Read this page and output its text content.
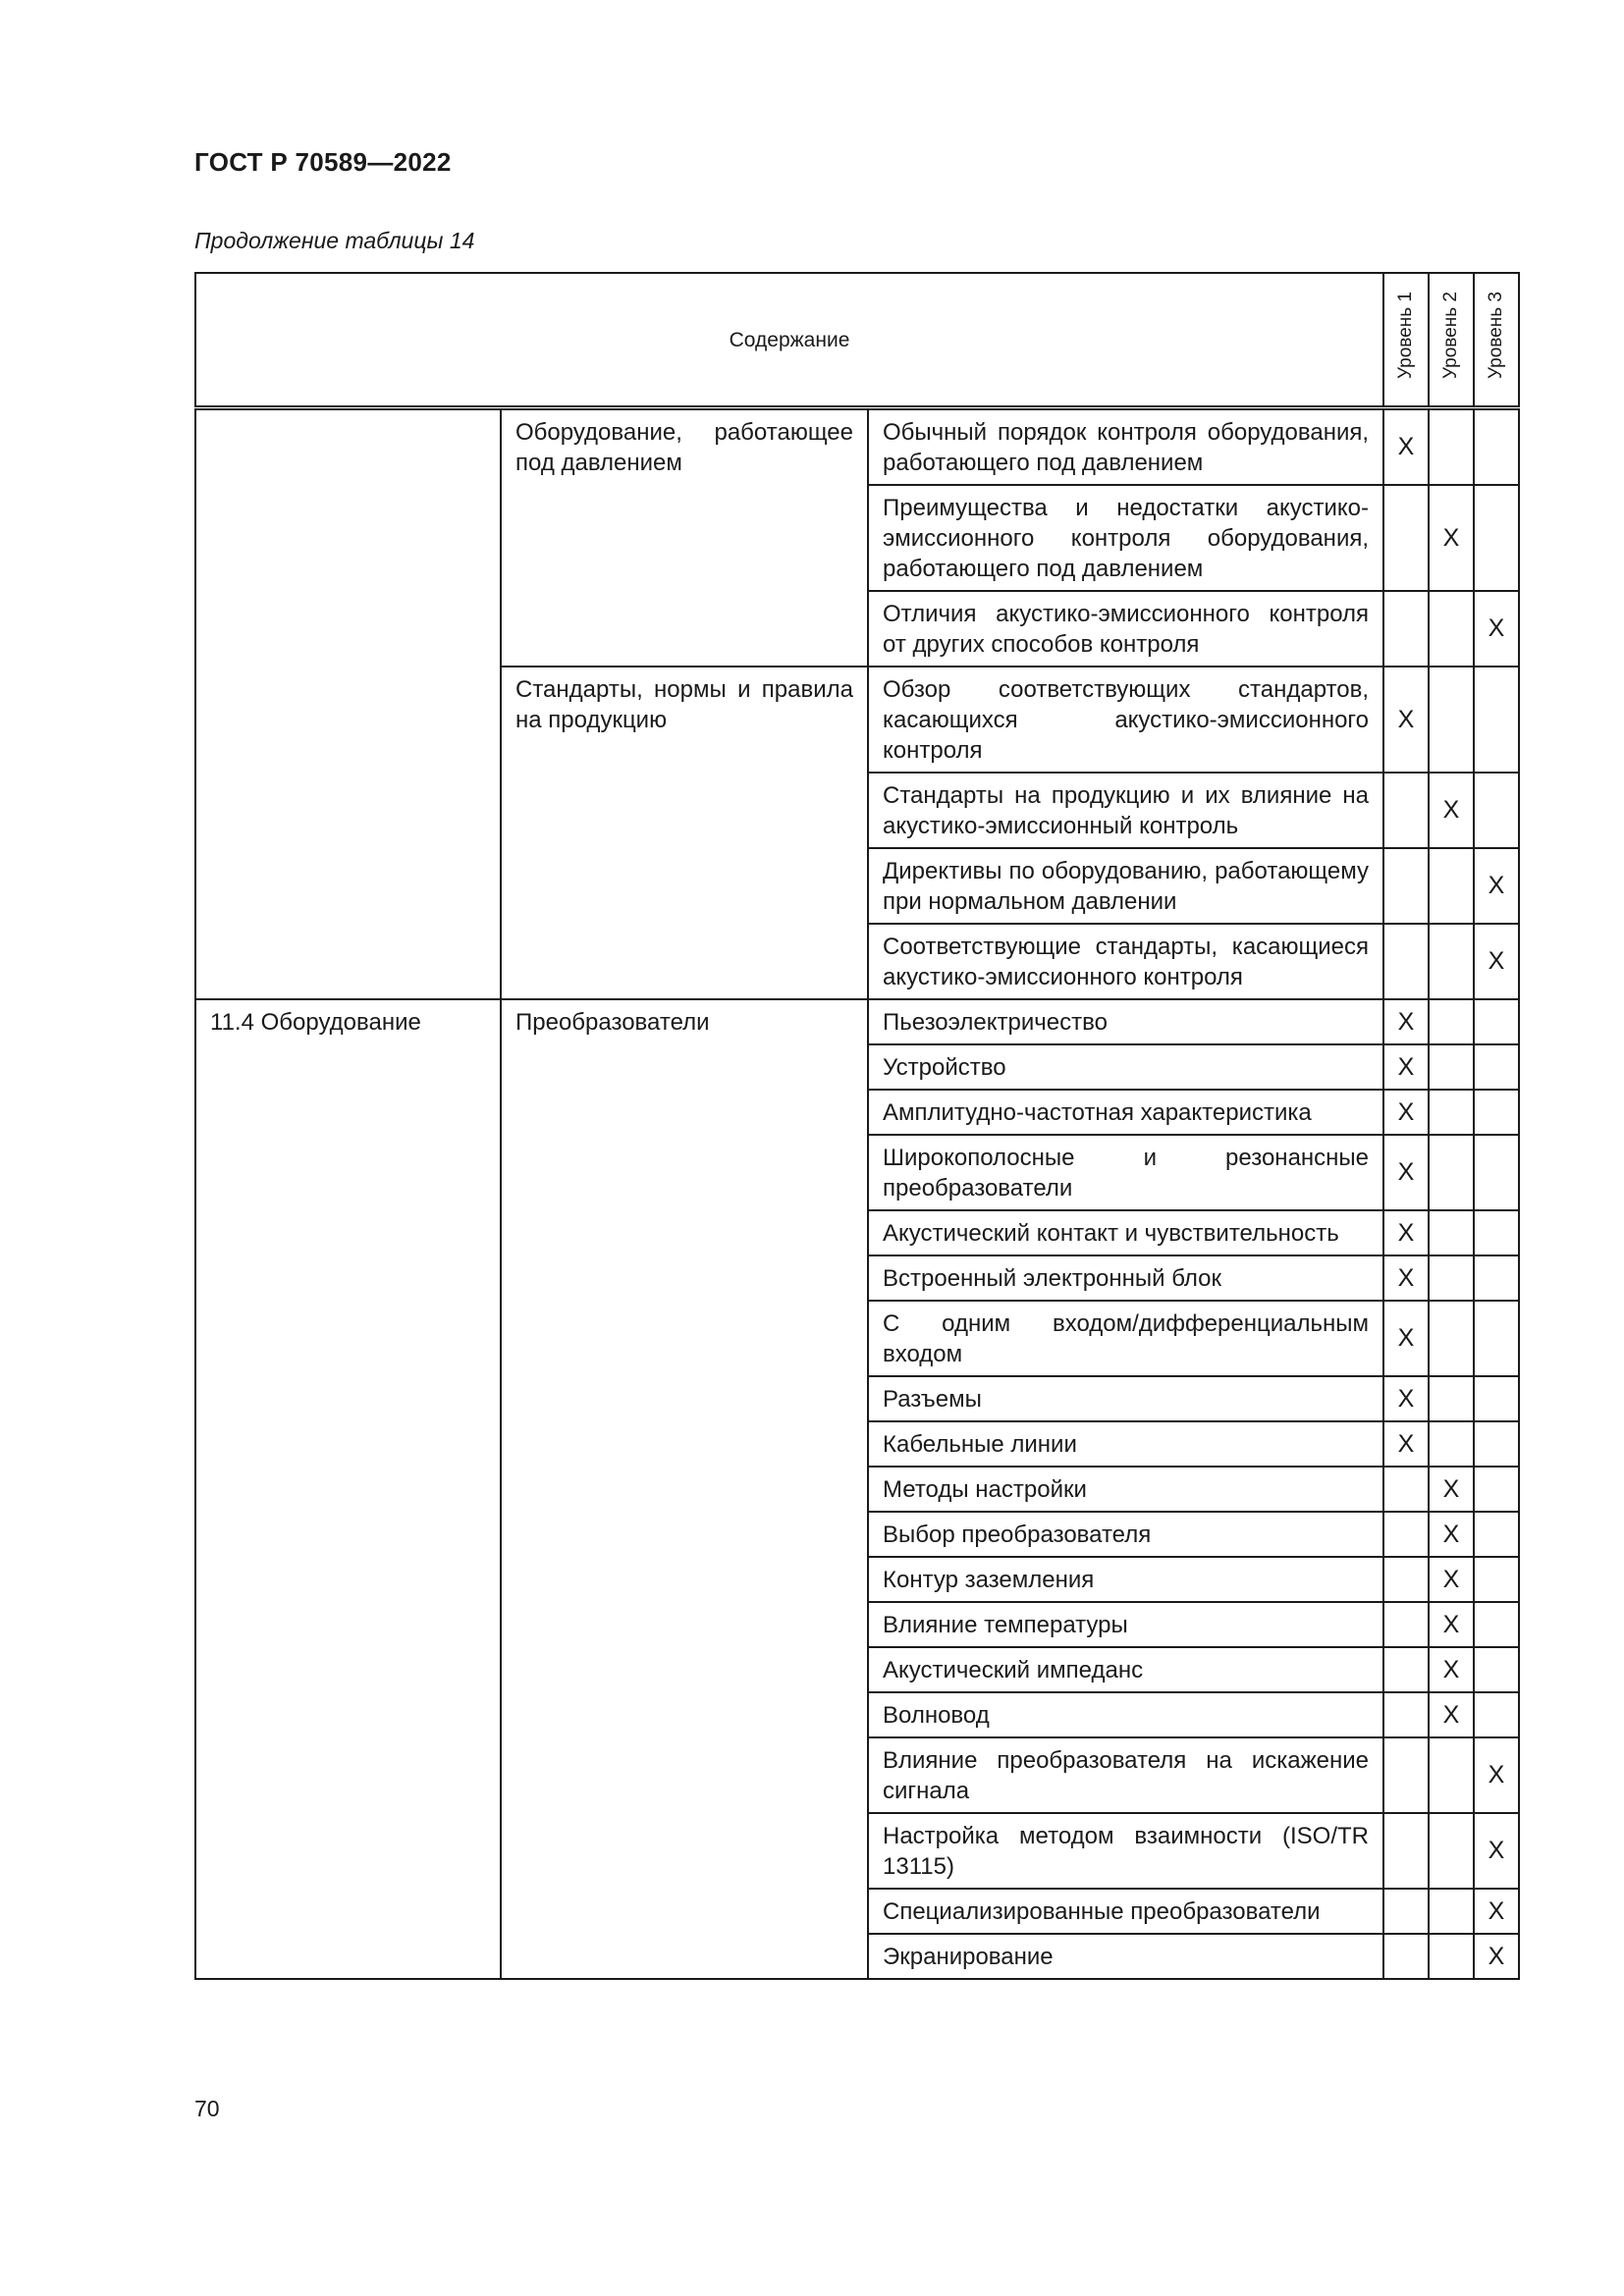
ГОСТ Р 70589—2022
Продолжение таблицы 14
Содержание			Уровень 1	Уровень 2	Уровень 3
	Оборудование, работающее под давлением	Обычный порядок контроля оборудования, работающего под давлением	X		
		Преимущества и недостатки акустико-эмиссионного контроля оборудования, работающего под давлением		X	
		Отличия акустико-эмиссионного контроля от других способов контроля			X
	Стандарты, нормы и правила на продукцию	Обзор соответствующих стандартов, касающихся акустико-эмиссионного контроля	X		
		Стандарты на продукцию и их влияние на акустико-эмиссионный контроль		X	
		Директивы по оборудованию, работающему при нормальном давлении			X
		Соответствующие стандарты, касающиеся акустико-эмиссионного контроля			X
11.4 Оборудование	Преобразователи	Пьезоэлектричество	X		
		Устройство	X		
		Амплитудно-частотная характеристика	X		
		Широкополосные и резонансные преобразователи	X		
		Акустический контакт и чувствительность	X		
		Встроенный электронный блок	X		
		С одним входом/дифференциальным входом	X		
		Разъемы	X		
		Кабельные линии	X		
		Методы настройки		X	
		Выбор преобразователя		X	
		Контур заземления		X	
		Влияние температуры		X	
		Акустический импеданс		X	
		Волновод		X	
		Влияние преобразователя на искажение сигнала			X
		Настройка методом взаимности (ISO/TR 13115)			X
		Специализированные преобразователи			X
		Экранирование			X
70
